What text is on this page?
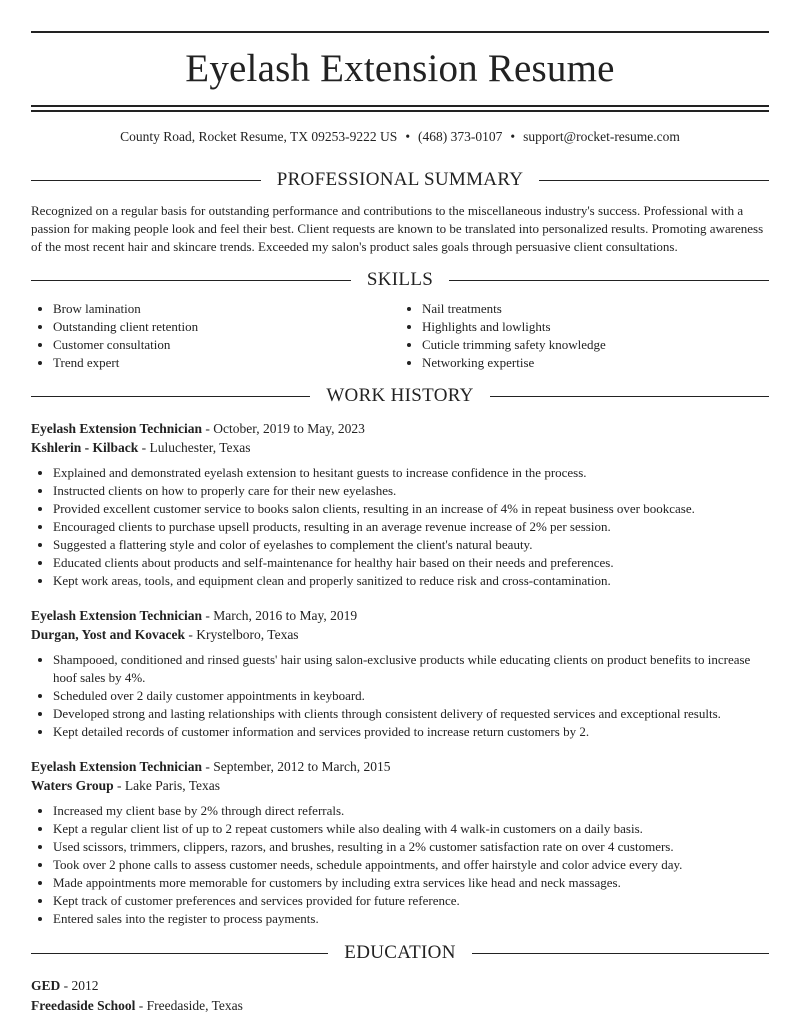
Eyelash Extension Resume
County Road, Rocket Resume, TX 09253-9222 US • (468) 373-0107 • support@rocket-resume.com
PROFESSIONAL SUMMARY
Recognized on a regular basis for outstanding performance and contributions to the miscellaneous industry's success. Professional with a passion for making people look and feel their best. Client requests are known to be translated into personalized results. Promoting awareness of the most recent hair and skincare trends. Exceeded my salon's product sales goals through persuasive client consultations.
SKILLS
• Brow lamination
• Outstanding client retention
• Customer consultation
• Trend expert
• Nail treatments
• Highlights and lowlights
• Cuticle trimming safety knowledge
• Networking expertise
WORK HISTORY
Eyelash Extension Technician - October, 2019 to May, 2023
Kshlerin - Kilback - Luluchester, Texas
• Explained and demonstrated eyelash extension to hesitant guests to increase confidence in the process.
• Instructed clients on how to properly care for their new eyelashes.
• Provided excellent customer service to books salon clients, resulting in an increase of 4% in repeat business over bookcase.
• Encouraged clients to purchase upsell products, resulting in an average revenue increase of 2% per session.
• Suggested a flattering style and color of eyelashes to complement the client's natural beauty.
• Educated clients about products and self-maintenance for healthy hair based on their needs and preferences.
• Kept work areas, tools, and equipment clean and properly sanitized to reduce risk and cross-contamination.
Eyelash Extension Technician - March, 2016 to May, 2019
Durgan, Yost and Kovacek - Krystelboro, Texas
• Shampooed, conditioned and rinsed guests' hair using salon-exclusive products while educating clients on product benefits to increase hoof sales by 4%.
• Scheduled over 2 daily customer appointments in keyboard.
• Developed strong and lasting relationships with clients through consistent delivery of requested services and exceptional results.
• Kept detailed records of customer information and services provided to increase return customers by 2.
Eyelash Extension Technician - September, 2012 to March, 2015
Waters Group - Lake Paris, Texas
• Increased my client base by 2% through direct referrals.
• Kept a regular client list of up to 2 repeat customers while also dealing with 4 walk-in customers on a daily basis.
• Used scissors, trimmers, clippers, razors, and brushes, resulting in a 2% customer satisfaction rate on over 4 customers.
• Took over 2 phone calls to assess customer needs, schedule appointments, and offer hairstyle and color advice every day.
• Made appointments more memorable for customers by including extra services like head and neck massages.
• Kept track of customer preferences and services provided for future reference.
• Entered sales into the register to process payments.
EDUCATION
GED - 2012
Freedaside School - Freedaside, Texas
